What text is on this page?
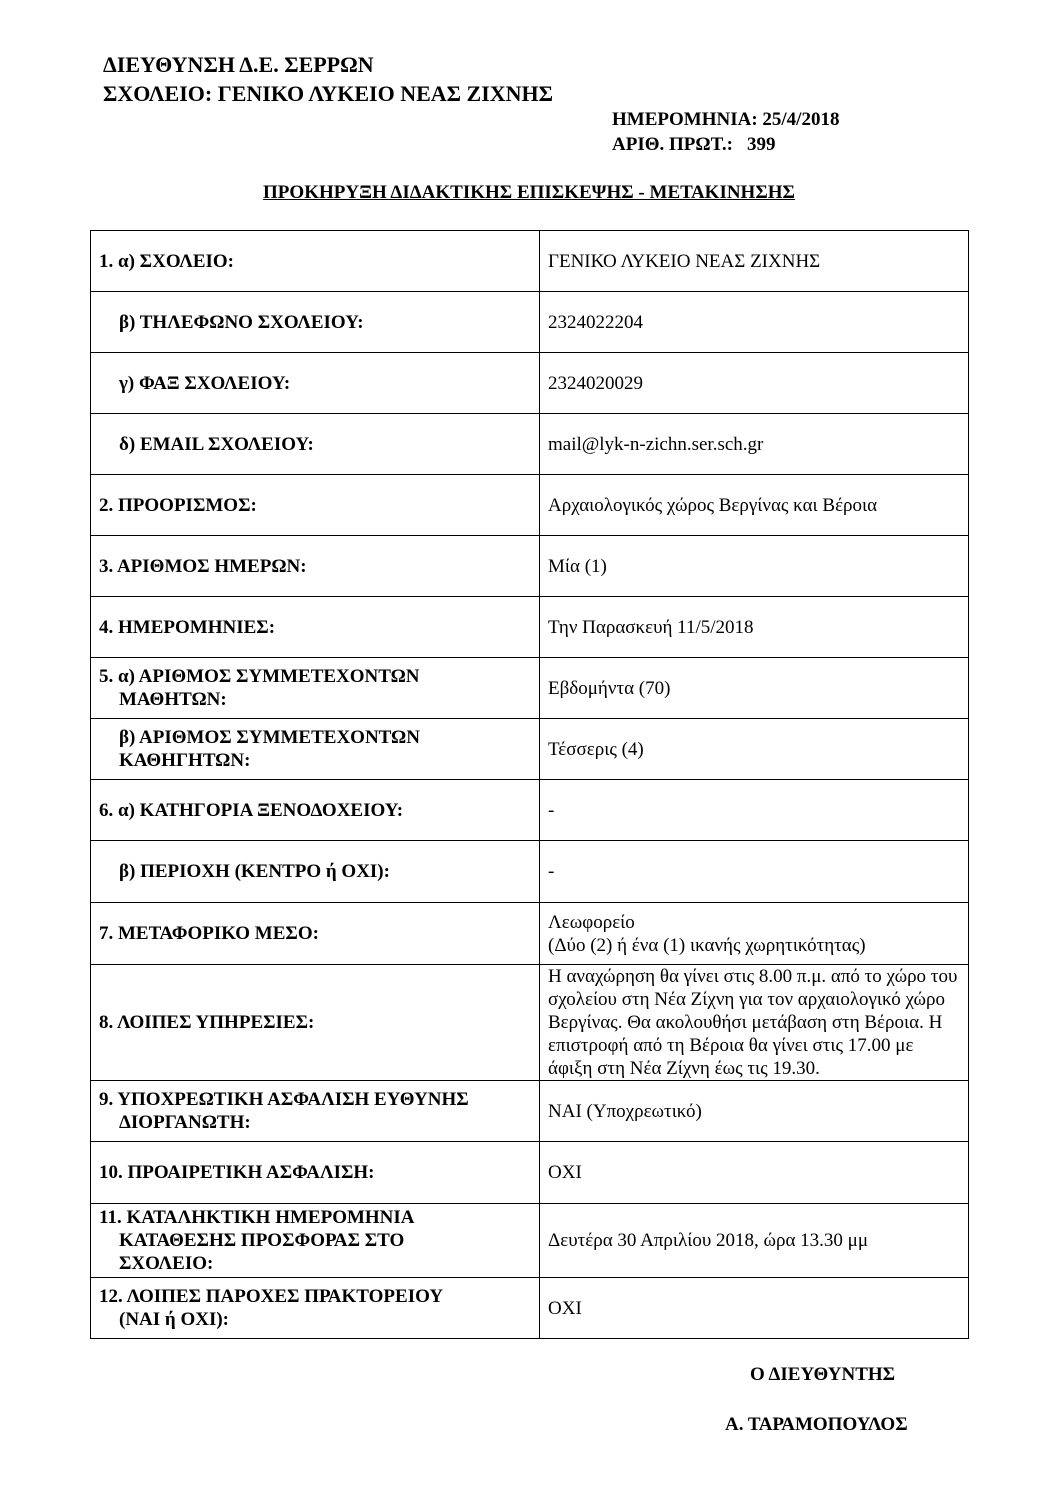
ΔΙΕΥΘΥΝΣΗ Δ.Ε. ΣΕΡΡΩΝ
ΣΧΟΛΕΙΟ: ΓΕΝΙΚΟ ΛΥΚΕΙΟ ΝΕΑΣ ΖΙΧΝΗΣ
ΗΜΕΡΟΜΗΝΙΑ: 25/4/2018
ΑΡΙΘ. ΠΡΩΤ.: 399
ΠΡΟΚΗΡΥΞΗ ΔΙΔΑΚΤΙΚΗΣ ΕΠΙΣΚΕΨΗΣ - ΜΕΤΑΚΙΝΗΣΗΣ
1. α) ΣΧΟΛΕΙΟ:	ΓΕΝΙΚΟ ΛΥΚΕΙΟ ΝΕΑΣ ΖΙΧΝΗΣ

β) ΤΗΛΕΦΩΝΟ ΣΧΟΛΕΙΟΥ:	2324022204

γ) ΦΑΞ ΣΧΟΛΕΙΟΥ:	2324020029

δ) EMAIL ΣΧΟΛΕΙΟΥ:	mail@lyk-n-zichn.ser.sch.gr
2. ΠΡΟΟΡΙΣΜΟΣ:	Αρχαιολογικός χώρος Βεργίνας και Βέροια
3. ΑΡΙΘΜΟΣ ΗΜΕΡΩΝ:	Μία (1)
4. ΗΜΕΡΟΜΗΝΙΕΣ:	Την Παρασκευή 11/5/2018

5. α) ΑΡΙΘΜΟΣ ΣΥΜΜΕΤΕΧΟΝΤΩΝ
ΜΑΘΗΤΩΝ:	Εβδομήντα (70)

β) ΑΡΙΘΜΟΣ ΣΥΜΜΕΤΕΧΟΝΤΩΝ
ΚΑΘΗΓΗΤΩΝ:	Τέσσερις (4)
6. α) ΚΑΤΗΓΟΡΙΑ ΞΕΝΟΔΟΧΕΙΟΥ:	-

β) ΠΕΡΙΟΧΗ (ΚΕΝΤΡΟ ή ΟΧΙ):	-
7. ΜΕΤΑΦΟΡΙΚΟ ΜΕΣΟ:	Λεωφορείο
(Δύο (2) ή ένα (1) ικανής χωρητικότητας)

8. ΛΟΙΠΕΣ ΥΠΗΡΕΣΙΕΣ:	Η αναχώρηση θα γίνει στις 8.00 π.μ. από το χώρο του σχολείου στη Νέα Ζίχνη για τον αρχαιολογικό χώρο Βεργίνας. Θα ακολουθήσι μετάβαση στη Βέροια. Η επιστροφή από τη Βέροια θα γίνει στις 17.00 με άφιξη στη Νέα Ζίχνη έως τις 19.30.

9. ΥΠΟΧΡΕΩΤΙΚΗ ΑΣΦΑΛΙΣΗ ΕΥΘΥΝΗΣ
ΔΙΟΡΓΑΝΩΤΗ:	ΝΑΙ (Υποχρεωτικό)
10. ΠΡΟΑΙΡΕΤΙΚΗ ΑΣΦΑΛΙΣΗ:	ΟΧΙ

11. ΚΑΤΑΛΗΚΤΙΚΗ ΗΜΕΡΟΜΗΝΙΑ
ΚΑΤΑΘΕΣΗΣ ΠΡΟΣΦΟΡΑΣ ΣΤΟ
ΣΧΟΛΕΙΟ:	Δευτέρα 30 Απριλίου 2018, ώρα 13.30 μμ

12. ΛΟΙΠΕΣ ΠΑΡΟΧΕΣ ΠΡΑΚΤΟΡΕΙΟΥ
(ΝΑΙ ή ΟΧΙ):	ΟΧΙ
Ο ΔΙΕΥΘΥΝΤΗΣ
Α. ΤΑΡΑΜΟΠΟΥΛΟΣ
